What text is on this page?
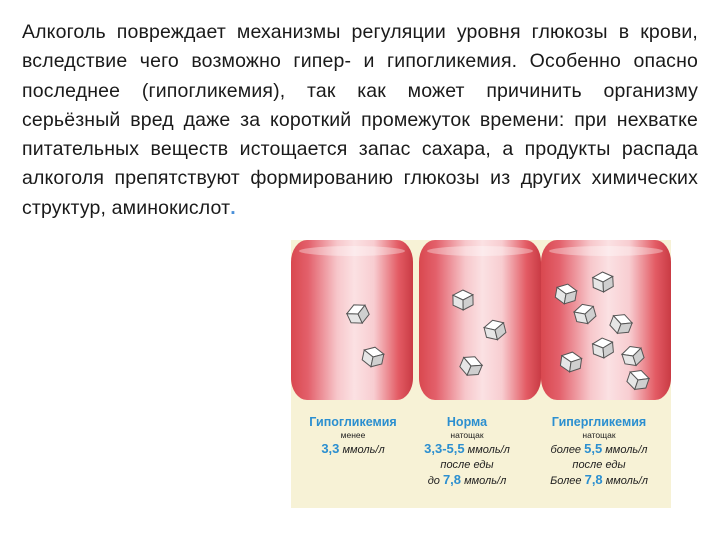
Алкоголь повреждает механизмы регуляции уровня глюкозы в крови, вследствие чего возможно гипер- и гипогликемия. Особенно опасно последнее (гипогликемия), так как может причинить организму серьёзный вред даже за короткий промежуток времени: при нехватке питательных веществ истощается запас сахара, а продукты распада алкоголя препятствуют формированию глюкозы из других химических структур, аминокислот.

Гипогликемия
менее
3,3 ммоль/л
Норма
натощак
3,3-5,5 ммоль/л
после еды
до 7,8 ммоль/л
Гипергликемия
натощак
более 5,5 ммоль/л
после еды
Более 7,8 ммоль/л
